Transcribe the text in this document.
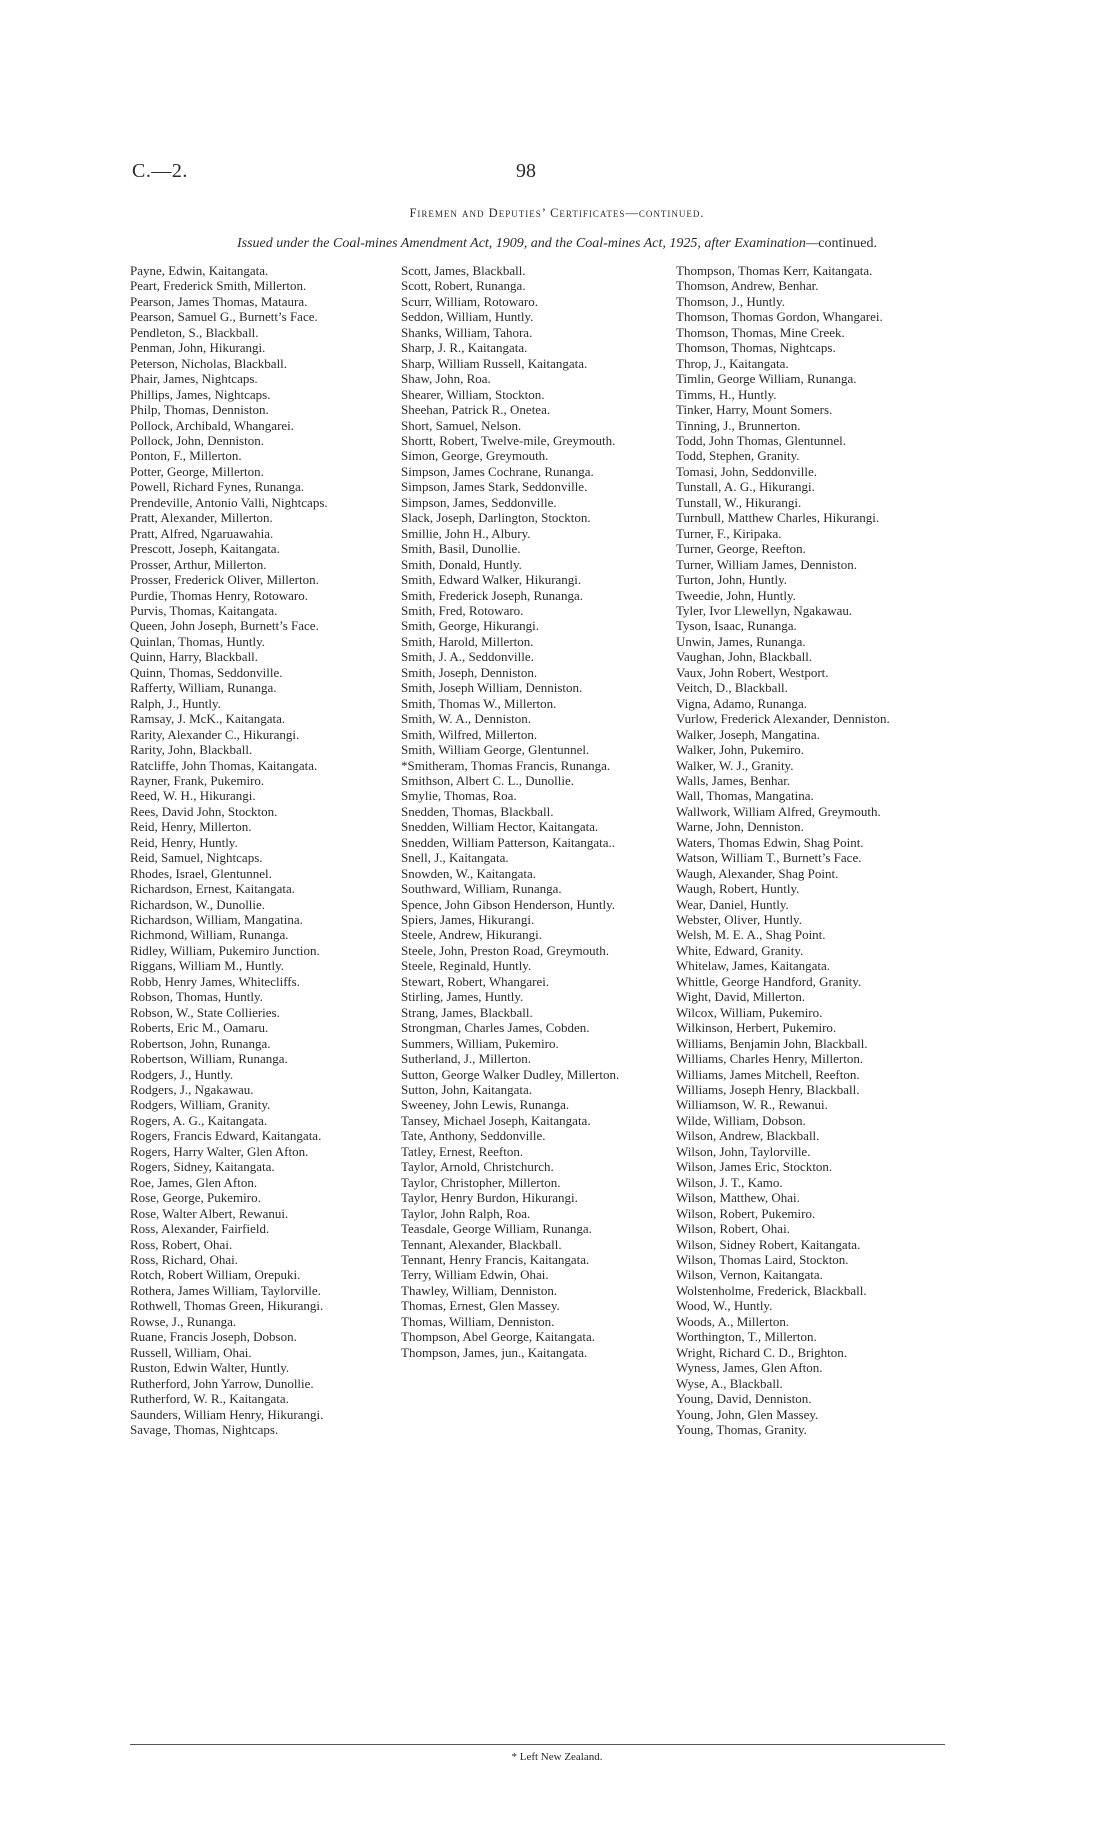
C.—2.	98
Firemen and Deputies’ Certificates—continued.
Issued under the Coal-mines Amendment Act, 1909, and the Coal-mines Act, 1925, after Examination—continued.
Payne, Edwin, Kaitangata.
Peart, Frederick Smith, Millerton.
Pearson, James Thomas, Mataura.
Pearson, Samuel G., Burnett’s Face.
Pendleton, S., Blackball.
Penman, John, Hikurangi.
Peterson, Nicholas, Blackball.
Phair, James, Nightcaps.
Phillips, James, Nightcaps.
Philp, Thomas, Denniston.
Pollock, Archibald, Whangarei.
Pollock, John, Denniston.
Ponton, F., Millerton.
Potter, George, Millerton.
Powell, Richard Fynes, Runanga.
Prendeville, Antonio Valli, Nightcaps.
Pratt, Alexander, Millerton.
Pratt, Alfred, Ngaruawahia.
Prescott, Joseph, Kaitangata.
Prosser, Arthur, Millerton.
Prosser, Frederick Oliver, Millerton.
Purdie, Thomas Henry, Rotowaro.
Purvis, Thomas, Kaitangata.
Queen, John Joseph, Burnett’s Face.
Quinlan, Thomas, Huntly.
Quinn, Harry, Blackball.
Quinn, Thomas, Seddonville.
Rafferty, William, Runanga.
Ralph, J., Huntly.
Ramsay, J. McK., Kaitangata.
Rarity, Alexander C., Hikurangi.
Rarity, John, Blackball.
Ratcliffe, John Thomas, Kaitangata.
Rayner, Frank, Pukemiro.
Reed, W. H., Hikurangi.
Rees, David John, Stockton.
Reid, Henry, Millerton.
Reid, Henry, Huntly.
Reid, Samuel, Nightcaps.
Rhodes, Israel, Glentunnel.
Richardson, Ernest, Kaitangata.
Richardson, W., Dunollie.
Richardson, William, Mangatina.
Richmond, William, Runanga.
Ridley, William, Pukemiro Junction.
Riggans, William M., Huntly.
Robb, Henry James, Whitecliffs.
Robson, Thomas, Huntly.
Robson, W., State Collieries.
Roberts, Eric M., Oamaru.
Robertson, John, Runanga.
Robertson, William, Runanga.
Rodgers, J., Huntly.
Rodgers, J., Ngakawau.
Rodgers, William, Granity.
Rogers, A. G., Kaitangata.
Rogers, Francis Edward, Kaitangata.
Rogers, Harry Walter, Glen Afton.
Rogers, Sidney, Kaitangata.
Roe, James, Glen Afton.
Rose, George, Pukemiro.
Rose, Walter Albert, Rewanui.
Ross, Alexander, Fairfield.
Ross, Robert, Ohai.
Ross, Richard, Ohai.
Rotch, Robert William, Orepuki.
Rothera, James William, Taylorville.
Rothwell, Thomas Green, Hikurangi.
Rowse, J., Runanga.
Ruane, Francis Joseph, Dobson.
Russell, William, Ohai.
Ruston, Edwin Walter, Huntly.
Rutherford, John Yarrow, Dunollie.
Rutherford, W. R., Kaitangata.
Saunders, William Henry, Hikurangi.
Savage, Thomas, Nightcaps.
Scott, James, Blackball.
Scott, Robert, Runanga.
Scurr, William, Rotowaro.
Seddon, William, Huntly.
Shanks, William, Tahora.
Sharp, J. R., Kaitangata.
Sharp, William Russell, Kaitangata.
Shaw, John, Roa.
Shearer, William, Stockton.
Sheehan, Patrick R., Onetea.
Short, Samuel, Nelson.
Shortt, Robert, Twelve-mile, Greymouth.
Simon, George, Greymouth.
Simpson, James Cochrane, Runanga.
Simpson, James Stark, Seddonville.
Simpson, James, Seddonville.
Slack, Joseph, Darlington, Stockton.
Smillie, John H., Albury.
Smith, Basil, Dunollie.
Smith, Donald, Huntly.
Smith, Edward Walker, Hikurangi.
Smith, Frederick Joseph, Runanga.
Smith, Fred, Rotowaro.
Smith, George, Hikurangi.
Smith, Harold, Millerton.
Smith, J. A., Seddonville.
Smith, Joseph, Denniston.
Smith, Joseph William, Denniston.
Smith, Thomas W., Millerton.
Smith, W. A., Denniston.
Smith, Wilfred, Millerton.
Smith, William George, Glentunnel.
*Smitheram, Thomas Francis, Runanga.
Smithson, Albert C. L., Dunollie.
Smylie, Thomas, Roa.
Snedden, Thomas, Blackball.
Snedden, William Hector, Kaitangata.
Snedden, William Patterson, Kaitangata..
Snell, J., Kaitangata.
Snowden, W., Kaitangata.
Southward, William, Runanga.
Spence, John Gibson Henderson, Huntly.
Spiers, James, Hikurangi.
Steele, Andrew, Hikurangi.
Steele, John, Preston Road, Greymouth.
Steele, Reginald, Huntly.
Stewart, Robert, Whangarei.
Stirling, James, Huntly.
Strang, James, Blackball.
Strongman, Charles James, Cobden.
Summers, William, Pukemiro.
Sutherland, J., Millerton.
Sutton, George Walker Dudley, Millerton.
Sutton, John, Kaitangata.
Sweeney, John Lewis, Runanga.
Tansey, Michael Joseph, Kaitangata.
Tate, Anthony, Seddonville.
Tatley, Ernest, Reefton.
Taylor, Arnold, Christchurch.
Taylor, Christopher, Millerton.
Taylor, Henry Burdon, Hikurangi.
Taylor, John Ralph, Roa.
Teasdale, George William, Runanga.
Tennant, Alexander, Blackball.
Tennant, Henry Francis, Kaitangata.
Terry, William Edwin, Ohai.
Thawley, William, Denniston.
Thomas, Ernest, Glen Massey.
Thomas, William, Denniston.
Thompson, Abel George, Kaitangata.
Thompson, James, jun., Kaitangata.
Thompson, Thomas Kerr, Kaitangata.
Thomson, Andrew, Benhar.
Thomson, J., Huntly.
Thomson, Thomas Gordon, Whangarei.
Thomson, Thomas, Mine Creek.
Thomson, Thomas, Nightcaps.
Throp, J., Kaitangata.
Timlin, George William, Runanga.
Timms, H., Huntly.
Tinker, Harry, Mount Somers.
Tinning, J., Brunnerton.
Todd, John Thomas, Glentunnel.
Todd, Stephen, Granity.
Tomasi, John, Seddonville.
Tunstall, A. G., Hikurangi.
Tunstall, W., Hikurangi.
Turnbull, Matthew Charles, Hikurangi.
Turner, F., Kiripaka.
Turner, George, Reefton.
Turner, William James, Denniston.
Turton, John, Huntly.
Tweedie, John, Huntly.
Tyler, Ivor Llewellyn, Ngakawau.
Tyson, Isaac, Runanga.
Unwin, James, Runanga.
Vaughan, John, Blackball.
Vaux, John Robert, Westport.
Veitch, D., Blackball.
Vigna, Adamo, Runanga.
Vurlow, Frederick Alexander, Denniston.
Walker, Joseph, Mangatina.
Walker, John, Pukemiro.
Walker, W. J., Granity.
Walls, James, Benhar.
Wall, Thomas, Mangatina.
Wallwork, William Alfred, Greymouth.
Warne, John, Denniston.
Waters, Thomas Edwin, Shag Point.
Watson, William T., Burnett’s Face.
Waugh, Alexander, Shag Point.
Waugh, Robert, Huntly.
Wear, Daniel, Huntly.
Webster, Oliver, Huntly.
Welsh, M. E. A., Shag Point.
White, Edward, Granity.
Whitelaw, James, Kaitangata.
Whittle, George Handford, Granity.
Wight, David, Millerton.
Wilcox, William, Pukemiro.
Wilkinson, Herbert, Pukemiro.
Williams, Benjamin John, Blackball.
Williams, Charles Henry, Millerton.
Williams, James Mitchell, Reefton.
Williams, Joseph Henry, Blackball.
Williamson, W. R., Rewanui.
Wilde, William, Dobson.
Wilson, Andrew, Blackball.
Wilson, John, Taylorville.
Wilson, James Eric, Stockton.
Wilson, J. T., Kamo.
Wilson, Matthew, Ohai.
Wilson, Robert, Pukemiro.
Wilson, Robert, Ohai.
Wilson, Sidney Robert, Kaitangata.
Wilson, Thomas Laird, Stockton.
Wilson, Vernon, Kaitangata.
Wolstenholme, Frederick, Blackball.
Wood, W., Huntly.
Woods, A., Millerton.
Worthington, T., Millerton.
Wright, Richard C. D., Brighton.
Wyness, James, Glen Afton.
Wyse, A., Blackball.
Young, David, Denniston.
Young, John, Glen Massey.
Young, Thomas, Granity.
* Left New Zealand.
